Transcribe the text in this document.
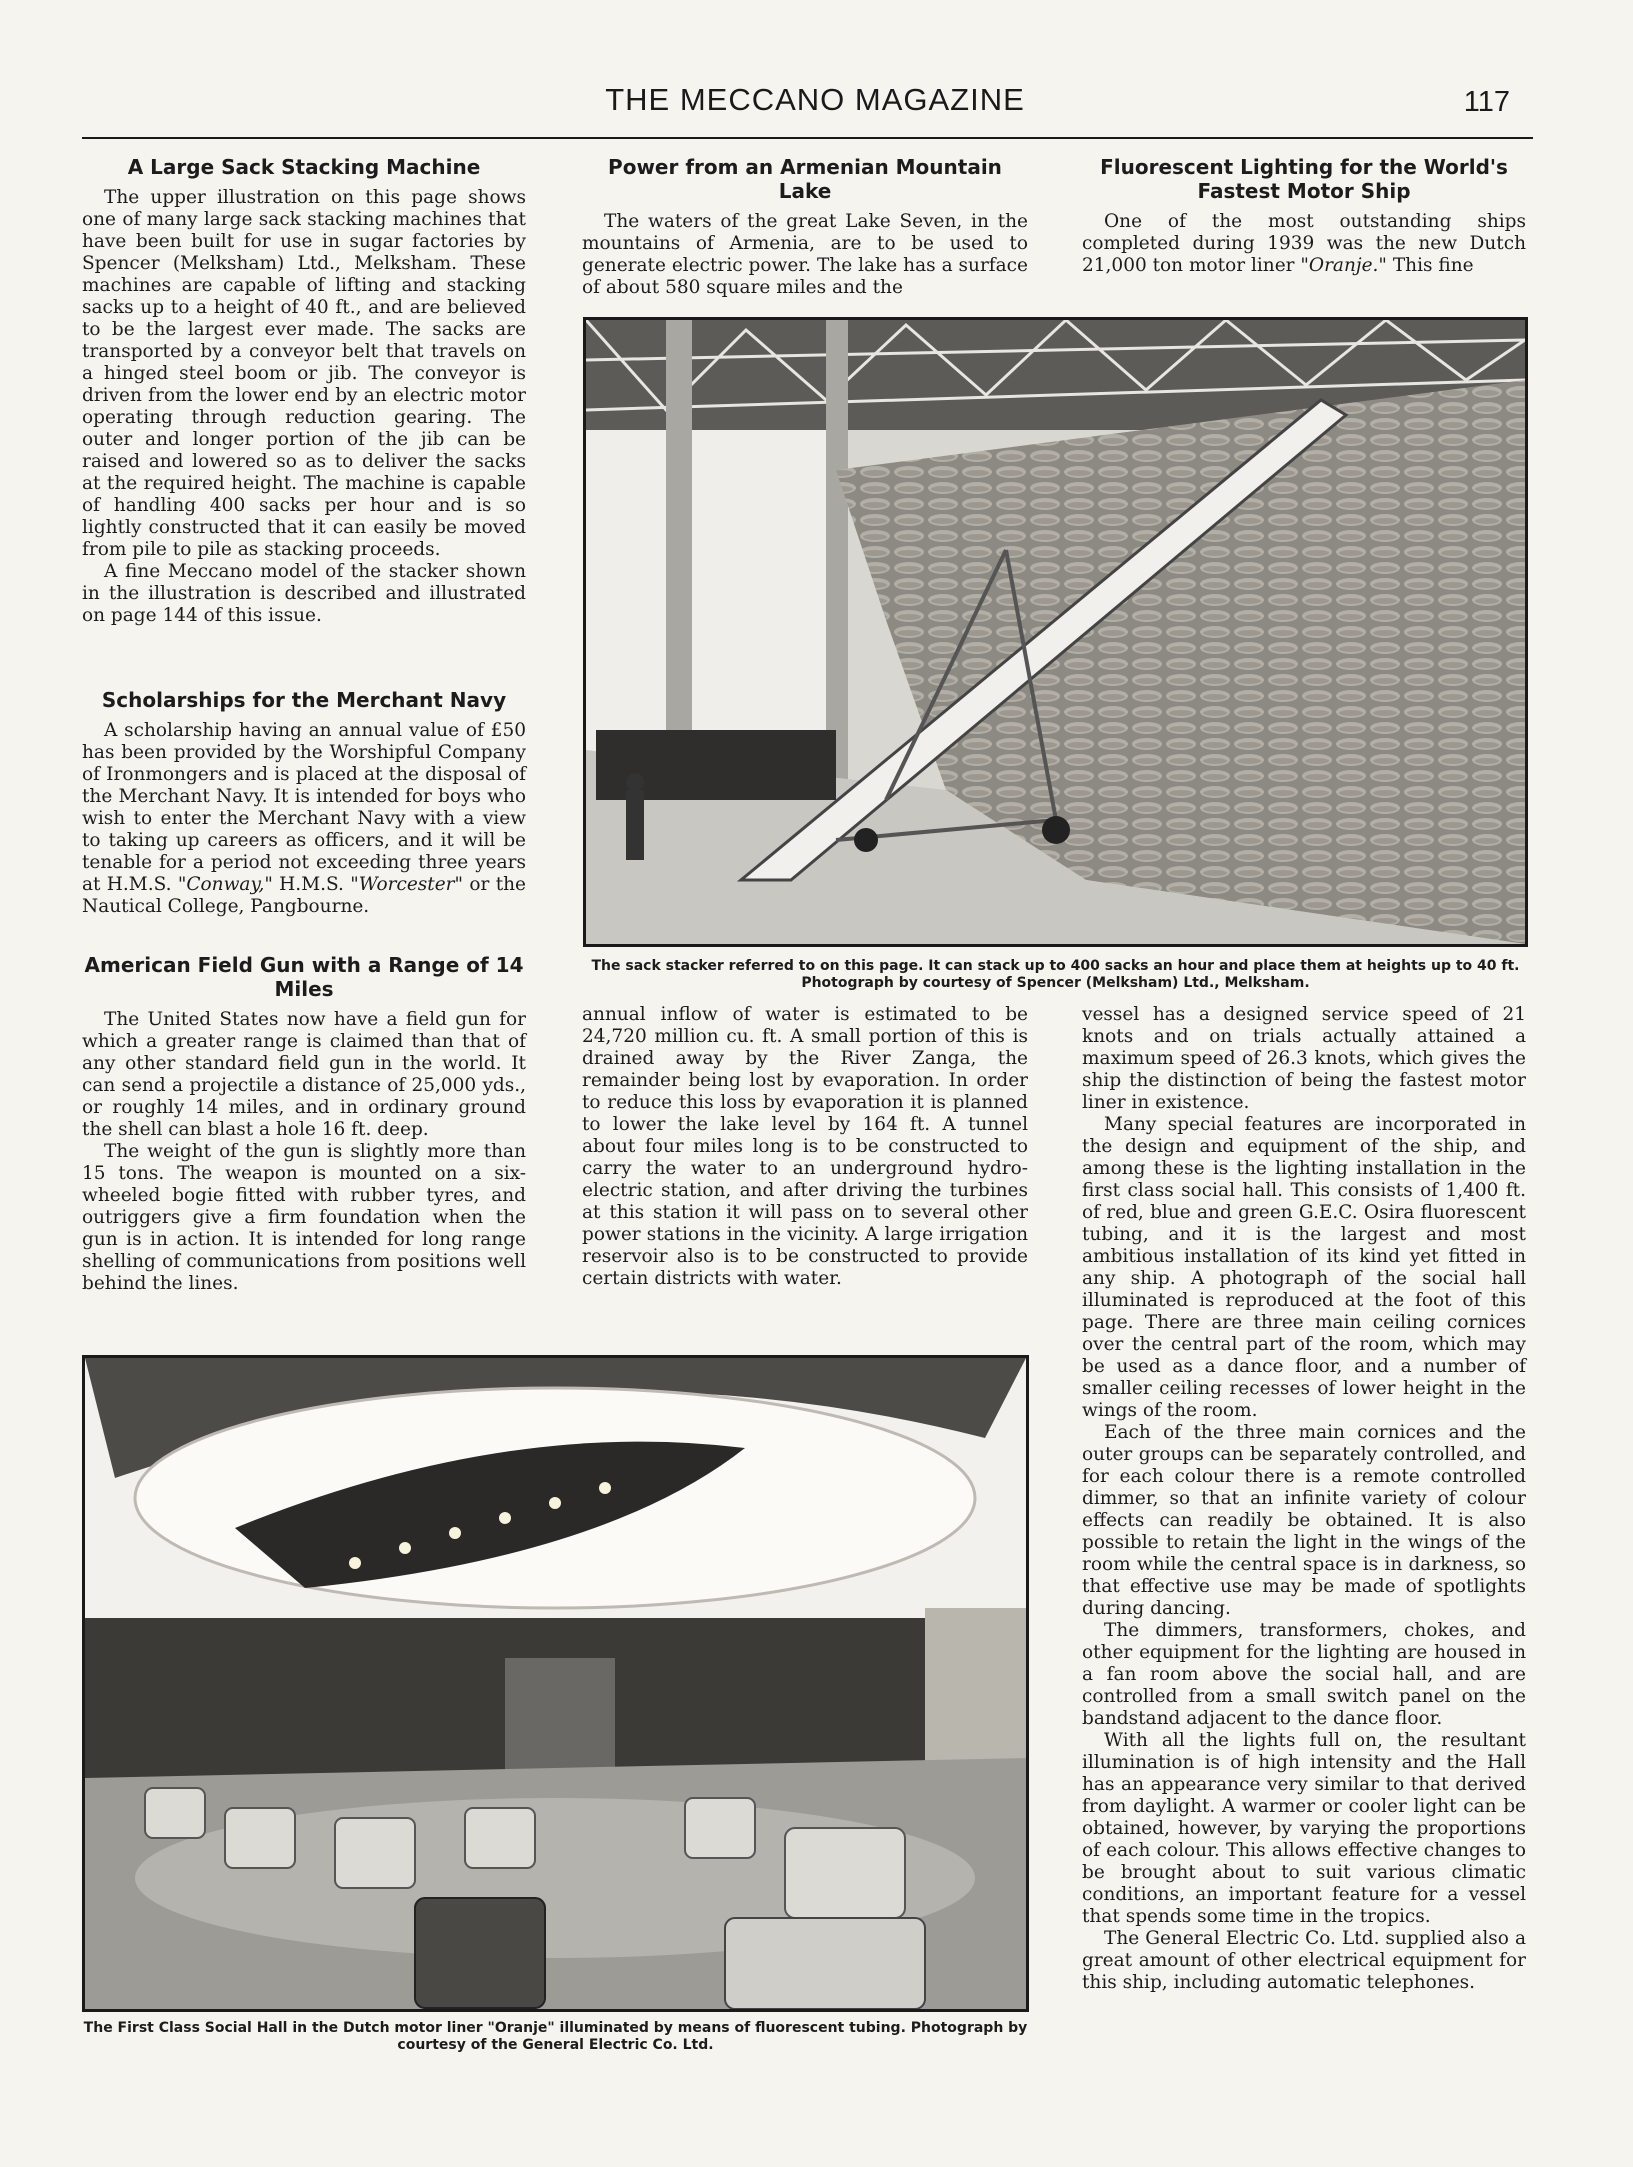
THE MECCANO MAGAZINE	117
A Large Sack Stacking Machine

The upper illustration on this page shows one of many large sack stacking machines that have been built for use in sugar factories by Spencer (Melksham) Ltd., Melksham. These machines are capable of lifting and stacking sacks up to a height of 40 ft., and are believed to be the largest ever made. The sacks are transported by a conveyor belt that travels on a hinged steel boom or jib. The conveyor is driven from the lower end by an electric motor operating through reduction gearing. The outer and longer portion of the jib can be raised and lowered so as to deliver the sacks at the required height. The machine is capable of handling 400 sacks per hour and is so lightly constructed that it can easily be moved from pile to pile as stacking proceeds.

A fine Meccano model of the stacker shown in the illustration is described and illustrated on page 144 of this issue.

Scholarships for the Merchant Navy

A scholarship having an annual value of £50 has been provided by the Worshipful Company of Ironmongers and is placed at the disposal of the Merchant Navy. It is intended for boys who wish to enter the Merchant Navy with a view to taking up careers as officers, and it will be tenable for a period not exceeding three years at H.M.S. "Conway," H.M.S. "Worcester" or the Nautical College, Pangbourne.

American Field Gun with a Range of 14 Miles

The United States now have a field gun for which a greater range is claimed than that of any other standard field gun in the world. It can send a projectile a distance of 25,000 yds., or roughly 14 miles, and in ordinary ground the shell can blast a hole 16 ft. deep.

The weight of the gun is slightly more than 15 tons. The weapon is mounted on a six-wheeled bogie fitted with rubber tyres, and outriggers give a firm foundation when the gun is in action. It is intended for long range shelling of communications from positions well behind the lines.

Power from an Armenian Mountain Lake

The waters of the great Lake Seven, in the mountains of Armenia, are to be used to generate electric power. The lake has a surface of about 580 square miles and the

Fluorescent Lighting for the World's Fastest Motor Ship

One of the most outstanding ships completed during 1939 was the new Dutch 21,000 ton motor liner "Oranje." This fine

The sack stacker referred to on this page. It can stack up to 400 sacks an hour and place them at heights up to 40 ft. Photograph by courtesy of Spencer (Melksham) Ltd., Melksham.

annual inflow of water is estimated to be 24,720 million cu. ft. A small portion of this is drained away by the River Zanga, the remainder being lost by evaporation. In order to reduce this loss by evaporation it is planned to lower the lake level by 164 ft. A tunnel about four miles long is to be constructed to carry the water to an underground hydro-electric station, and after driving the turbines at this station it will pass on to several other power stations in the vicinity. A large irrigation reservoir also is to be constructed to provide certain districts with water.

vessel has a designed service speed of 21 knots and on trials actually attained a maximum speed of 26.3 knots, which gives the ship the distinction of being the fastest motor liner in existence.

Many special features are incorporated in the design and equipment of the ship, and among these is the lighting installation in the first class social hall. This consists of 1,400 ft. of red, blue and green G.E.C. Osira fluorescent tubing, and it is the largest and most ambitious installation of its kind yet fitted in any ship. A photograph of the social hall illuminated is reproduced at the foot of this page. There are three main ceiling cornices over the central part of the room, which may be used as a dance floor, and a number of smaller ceiling recesses of lower height in the wings of the room.

Each of the three main cornices and the outer groups can be separately controlled, and for each colour there is a remote controlled dimmer, so that an infinite variety of colour effects can readily be obtained. It is also possible to retain the light in the wings of the room while the central space is in darkness, so that effective use may be made of spotlights during dancing.

The dimmers, transformers, chokes, and other equipment for the lighting are housed in a fan room above the social hall, and are controlled from a small switch panel on the bandstand adjacent to the dance floor.

With all the lights full on, the resultant illumination is of high intensity and the Hall has an appearance very similar to that derived from daylight. A warmer or cooler light can be obtained, however, by varying the proportions of each colour. This allows effective changes to be brought about to suit various climatic conditions, an important feature for a vessel that spends some time in the tropics.

The General Electric Co. Ltd. supplied also a great amount of other electrical equipment for this ship, including automatic telephones.

The First Class Social Hall in the Dutch motor liner "Oranje" illuminated by means of fluorescent tubing. Photograph by courtesy of the General Electric Co. Ltd.
